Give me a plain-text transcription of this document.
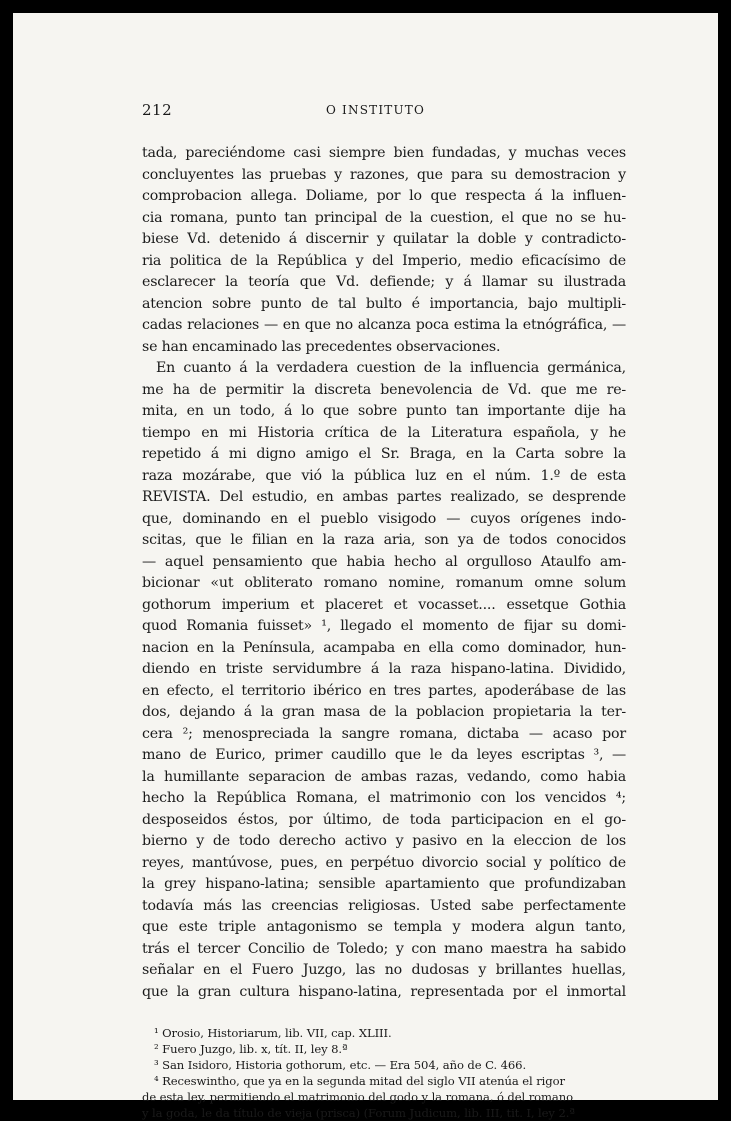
212	O INSTITUTO
tada, pareciéndome casi siempre bien fundadas, y muchas veces
concluyentes las pruebas y razones, que para su demostracion y
comprobacion allega. Doliame, por lo que respecta á la influen-
cia romana, punto tan principal de la cuestion, el que no se hu-
biese Vd. detenido á discernir y quilatar la doble y contradicto-
ria politica de la República y del Imperio, medio eficacísimo de
esclarecer la teoría que Vd. defiende; y á llamar su ilustrada
atencion sobre punto de tal bulto é importancia, bajo multipli-
cadas relaciones — en que no alcanza poca estima la etnógráfica, —
se han encaminado las precedentes observaciones.
En cuanto á la verdadera cuestion de la influencia germánica,
me ha de permitir la discreta benevolencia de Vd. que me re-
mita, en un todo, á lo que sobre punto tan importante dije ha
tiempo en mi Historia crítica de la Literatura española, y he
repetido á mi digno amigo el Sr. Braga, en la Carta sobre la
raza mozárabe, que vió la pública luz en el núm. 1.º de esta
REVISTA. Del estudio, en ambas partes realizado, se desprende
que, dominando en el pueblo visigodo — cuyos orígenes indo-
scitas, que le filian en la raza aria, son ya de todos conocidos
— aquel pensamiento que habia hecho al orgulloso Ataulfo am-
bicionar «ut obliterato romano nomine, romanum omne solum
gothorum imperium et placeret et vocasset.... essetque Gothia
quod Romania fuisset» ¹, llegado el momento de fijar su domi-
nacion en la Península, acampaba en ella como dominador, hun-
diendo en triste servidumbre á la raza hispano-latina. Dividido,
en efecto, el territorio ibérico en tres partes, apoderábase de las
dos, dejando á la gran masa de la poblacion propietaria la ter-
cera ²; menospreciada la sangre romana, dictaba — acaso por
mano de Eurico, primer caudillo que le da leyes escriptas ³, —
la humillante separacion de ambas razas, vedando, como habia
hecho la República Romana, el matrimonio con los vencidos ⁴;
desposeidos éstos, por último, de toda participacion en el go-
bierno y de todo derecho activo y pasivo en la eleccion de los
reyes, mantúvose, pues, en perpétuo divorcio social y político de
la grey hispano-latina; sensible apartamiento que profundizaban
todavía más las creencias religiosas. Usted sabe perfectamente
que este triple antagonismo se templa y modera algun tanto,
trás el tercer Concilio de Toledo; y con mano maestra ha sabido
señalar en el Fuero Juzgo, las no dudosas y brillantes huellas,
que la gran cultura hispano-latina, representada por el inmortal
¹ Orosio, Historiarum, lib. VII, cap. XLIII.
² Fuero Juzgo, lib. x, tít. II, ley 8.ª
³ San Isidoro, Historia gothorum, etc. — Era 504, año de C. 466.
⁴ Receswintho, que ya en la segunda mitad del siglo VII atenúa el rigor
de esta ley, permitiendo el matrimonio del godo y la romana, ó del romano
y la goda, le da título de vieja (prisca) (Forum Judicum, lib. III, tit. I, ley 2.ª
